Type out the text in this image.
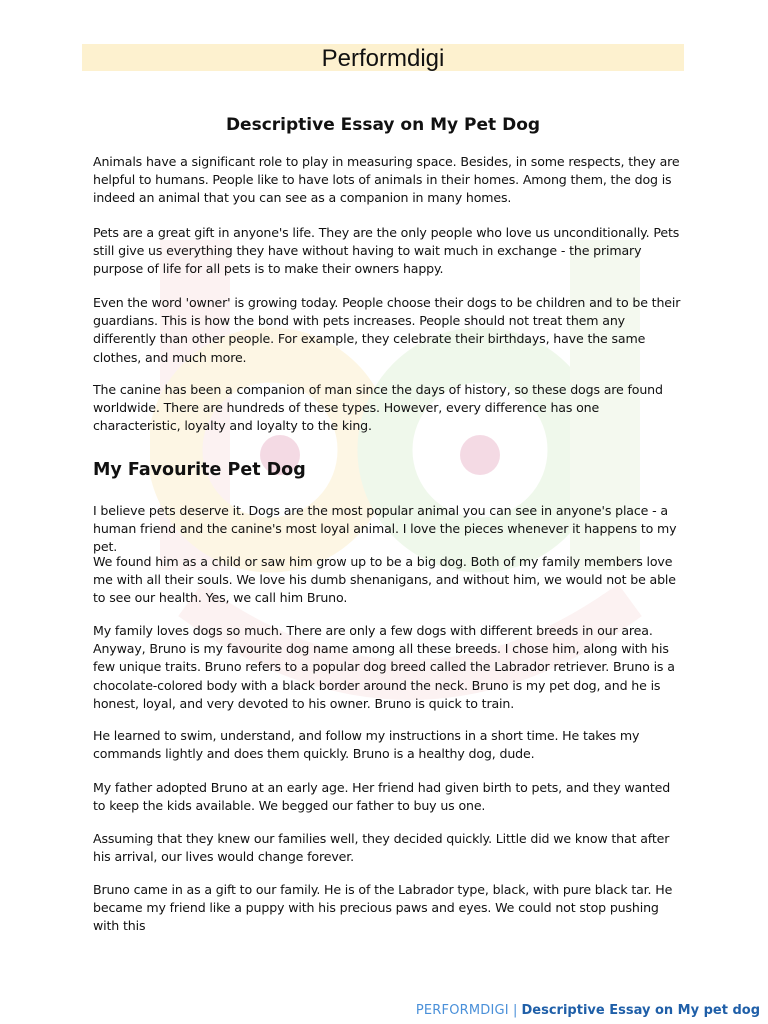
Performdigi
Descriptive Essay on My Pet Dog

Animals have a significant role to play in measuring space. Besides, in some respects, they are helpful to humans. People like to have lots of animals in their homes. Among them, the dog is indeed an animal that you can see as a companion in many homes.

Pets are a great gift in anyone's life. They are the only people who love us unconditionally. Pets still give us everything they have without having to wait much in exchange - the primary purpose of life for all pets is to make their owners happy.

Even the word 'owner' is growing today. People choose their dogs to be children and to be their guardians. This is how the bond with pets increases. People should not treat them any differently than other people. For example, they celebrate their birthdays, have the same clothes, and much more.

The canine has been a companion of man since the days of history, so these dogs are found worldwide. There are hundreds of these types. However, every difference has one characteristic, loyalty and loyalty to the king.

My Favourite Pet Dog

I believe pets deserve it. Dogs are the most popular animal you can see in anyone's place - a human friend and the canine's most loyal animal. I love the pieces whenever it happens to my pet.

We found him as a child or saw him grow up to be a big dog. Both of my family members love me with all their souls. We love his dumb shenanigans, and without him, we would not be able to see our health. Yes, we call him Bruno.

My family loves dogs so much. There are only a few dogs with different breeds in our area. Anyway, Bruno is my favourite dog name among all these breeds. I chose him, along with his few unique traits. Bruno refers to a popular dog breed called the Labrador retriever. Bruno is a chocolate-colored body with a black border around the neck. Bruno is my pet dog, and he is honest, loyal, and very devoted to his owner. Bruno is quick to train.

He learned to swim, understand, and follow my instructions in a short time. He takes my commands lightly and does them quickly. Bruno is a healthy dog, dude.

My father adopted Bruno at an early age. Her friend had given birth to pets, and they wanted to keep the kids available. We begged our father to buy us one.

Assuming that they knew our families well, they decided quickly. Little did we know that after his arrival, our lives would change forever.

Bruno came in as a gift to our family. He is of the Labrador type, black, with pure black tar. He became my friend like a puppy with his precious paws and eyes. We could not stop pushing with this

PERFORMDIGI | Descriptive Essay on My pet dog
